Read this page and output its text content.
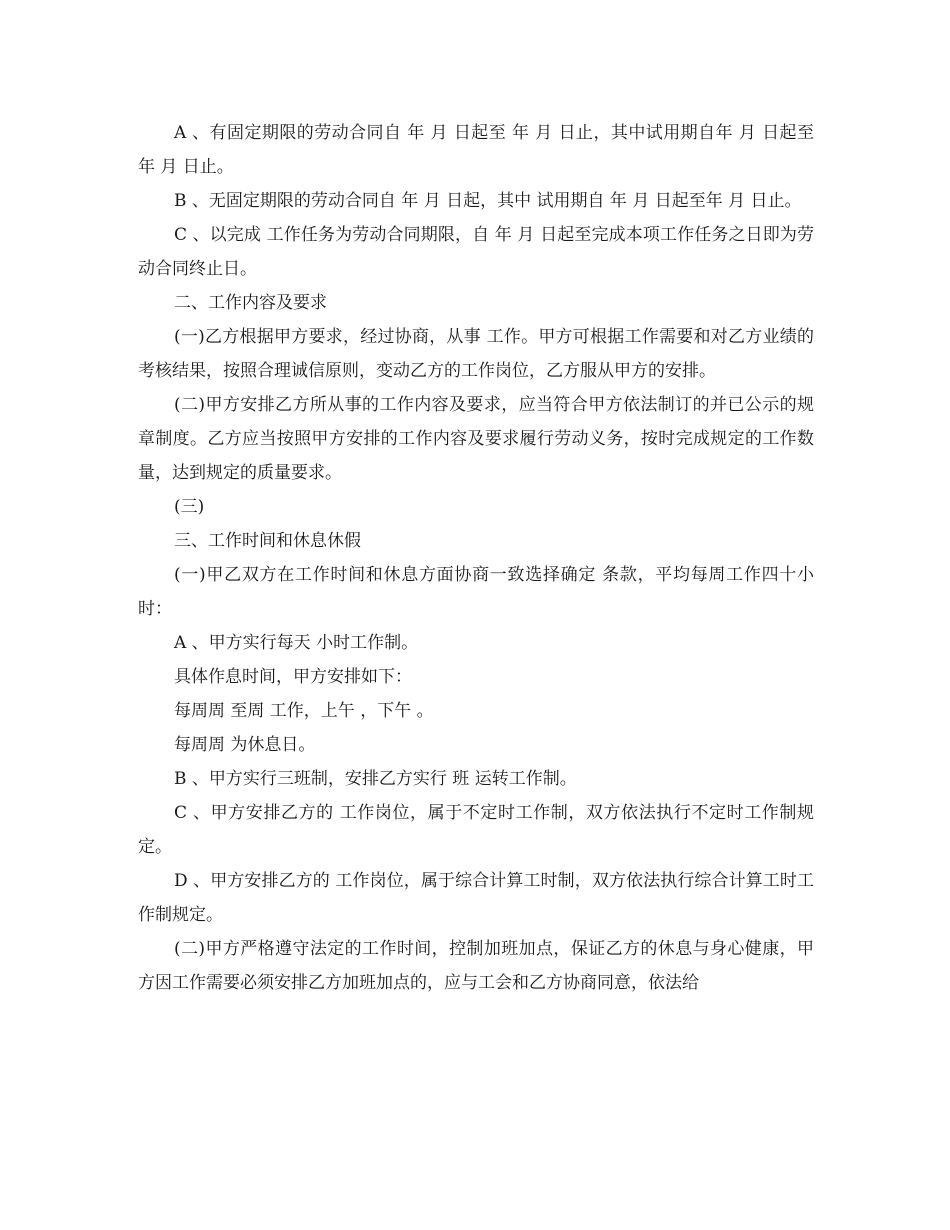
A 、有固定期限的劳动合同自 年 月 日起至 年 月 日止，其中试用期自年 月 日起至 年 月 日止。

B 、无固定期限的劳动合同自 年 月 日起，其中 试用期自 年 月 日起至年 月 日止。

C 、以完成 工作任务为劳动合同期限，自 年 月 日起至完成本项工作任务之日即为劳动合同终止日。

二、工作内容及要求

(一)乙方根据甲方要求，经过协商，从事 工作。甲方可根据工作需要和对乙方业绩的考核结果，按照合理诚信原则，变动乙方的工作岗位，乙方服从甲方的安排。

(二)甲方安排乙方所从事的工作内容及要求，应当符合甲方依法制订的并已公示的规章制度。乙方应当按照甲方安排的工作内容及要求履行劳动义务，按时完成规定的工作数量，达到规定的质量要求。

(三)

三、工作时间和休息休假

(一)甲乙双方在工作时间和休息方面协商一致选择确定 条款，平均每周工作四十小时：

A 、甲方实行每天 小时工作制。

具体作息时间，甲方安排如下：

每周周 至周 工作，上午 ，下午 。

每周周 为休息日。

B 、甲方实行三班制，安排乙方实行 班 运转工作制。

C 、甲方安排乙方的 工作岗位，属于不定时工作制，双方依法执行不定时工作制规定。

D 、甲方安排乙方的 工作岗位，属于综合计算工时制，双方依法执行综合计算工时工作制规定。

(二)甲方严格遵守法定的工作时间，控制加班加点，保证乙方的休息与身心健康，甲方因工作需要必须安排乙方加班加点的，应与工会和乙方协商同意，依法给
